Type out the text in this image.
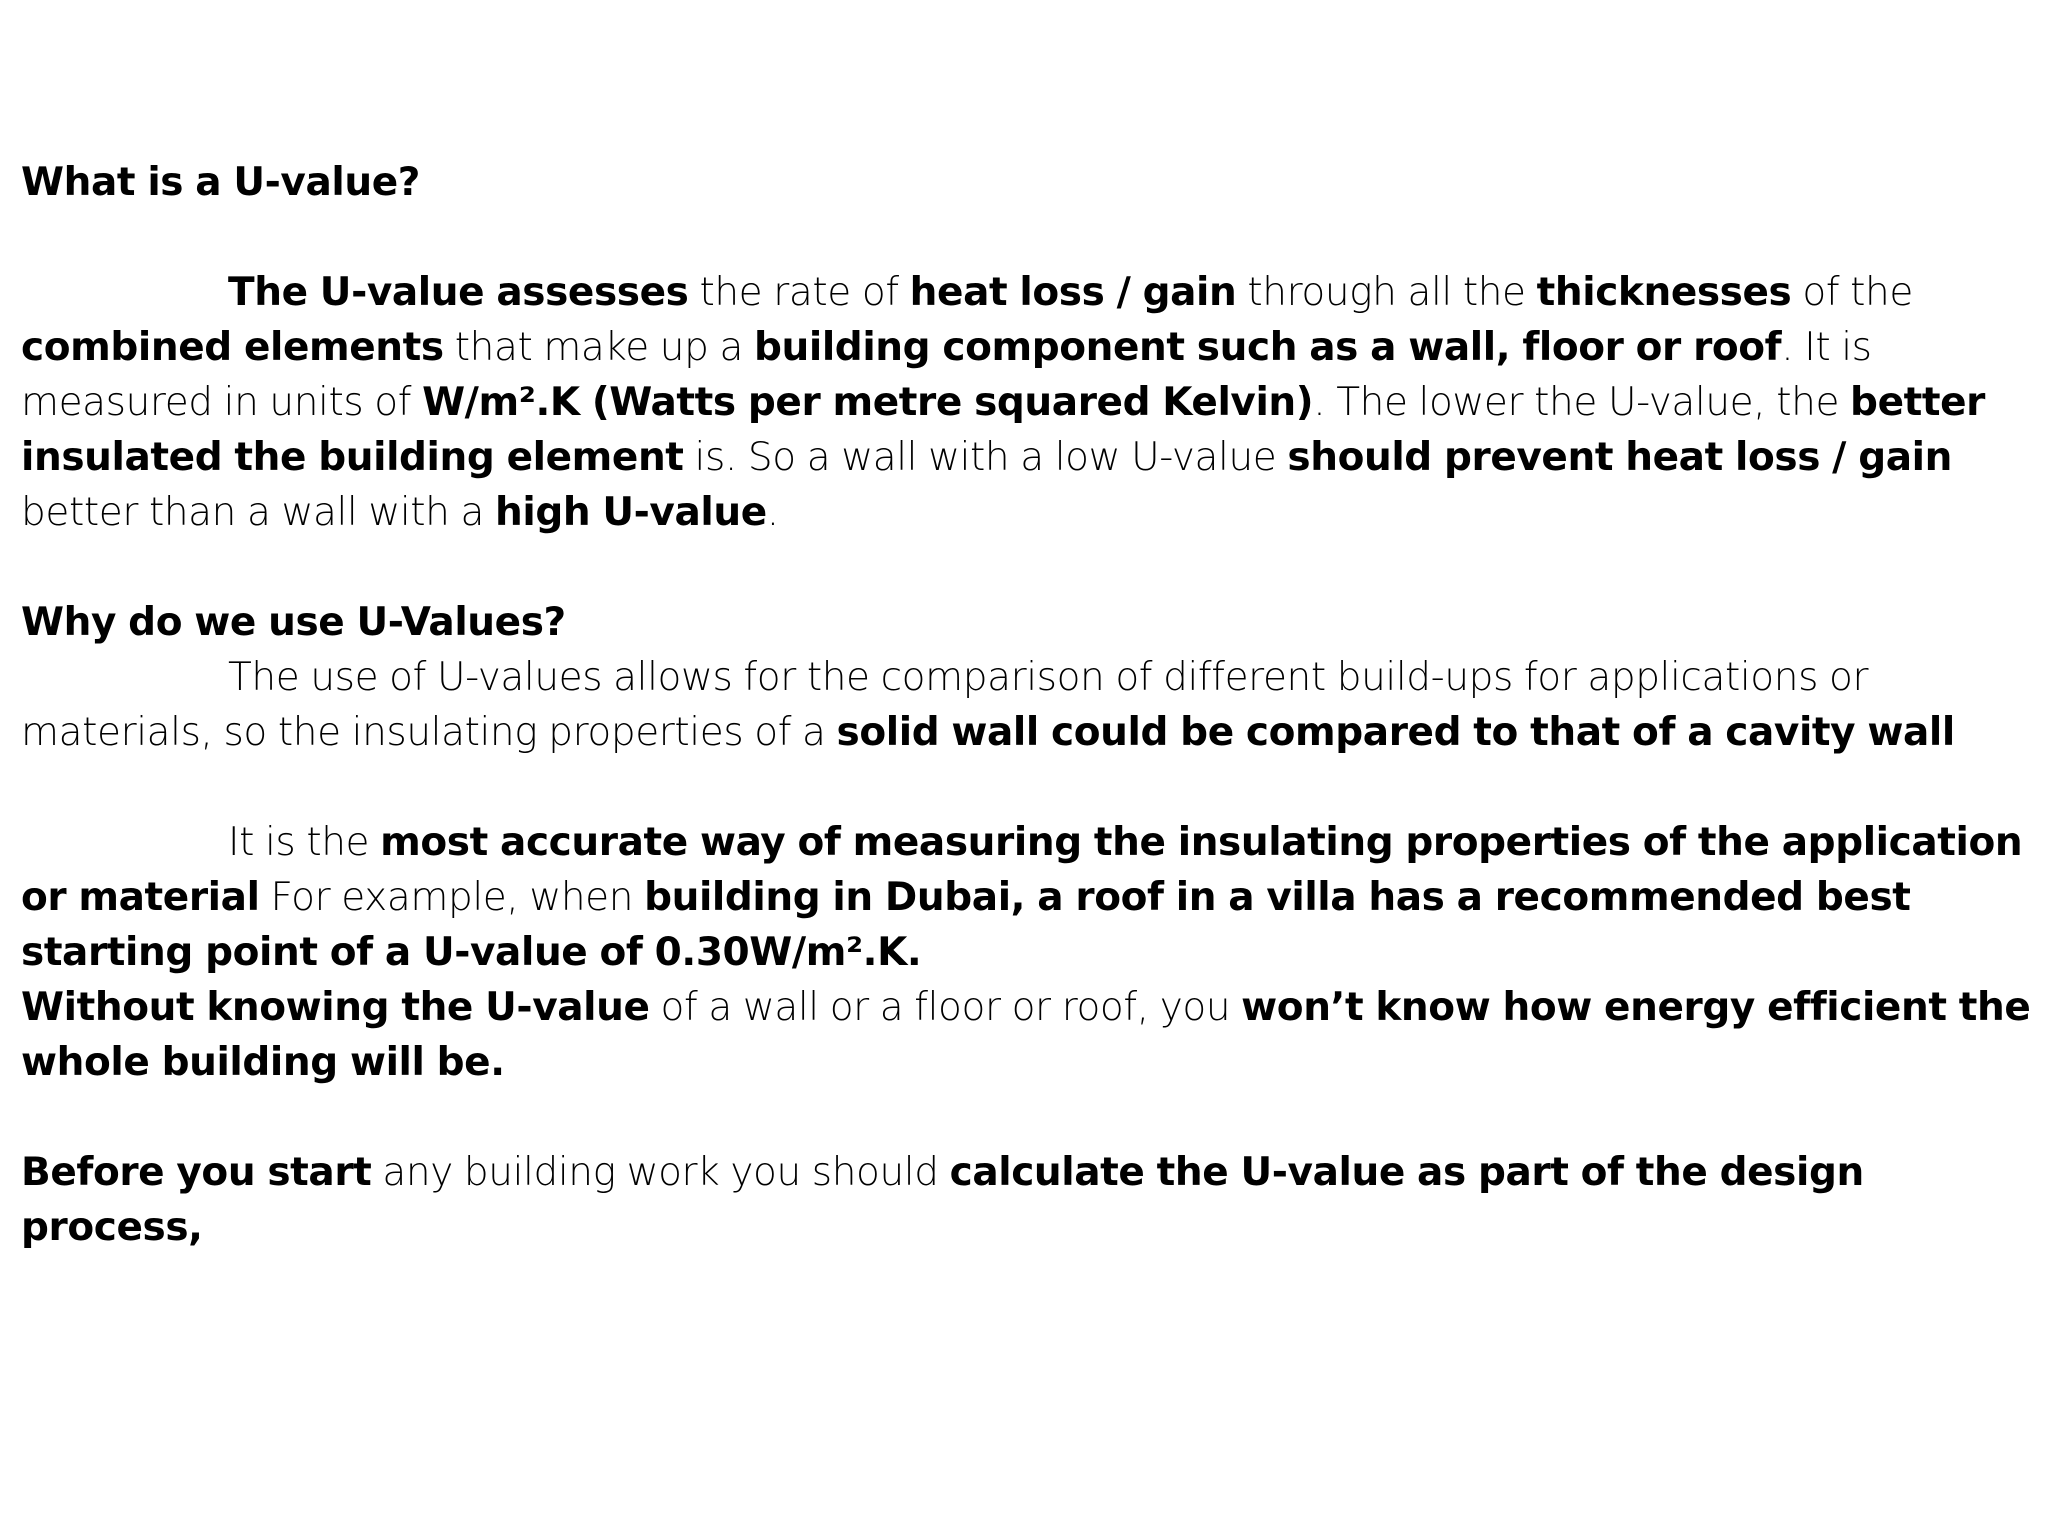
What is a U-value?

The U-value assesses the rate of heat loss / gain through all the thicknesses of the combined elements that make up a building component such as a wall, floor or roof. It is measured in units of W/m².K (Watts per metre squared Kelvin). The lower the U-value, the better insulated the building element is. So a wall with a low U-value should prevent heat loss / gain better than a wall with a high U-value.

Why do we use U-Values?

The use of U-values allows for the comparison of different build-ups for applications or materials, so the insulating properties of a solid wall could be compared to that of a cavity wall

It is the most accurate way of measuring the insulating properties of the application or material For example, when building in Dubai, a roof in a villa has a recommended best starting point of a U-value of 0.30W/m².K.

Without knowing the U-value of a wall or a floor or roof, you won’t know how energy efficient the whole building will be.

Before you start any building work you should calculate the U-value as part of the design process,
